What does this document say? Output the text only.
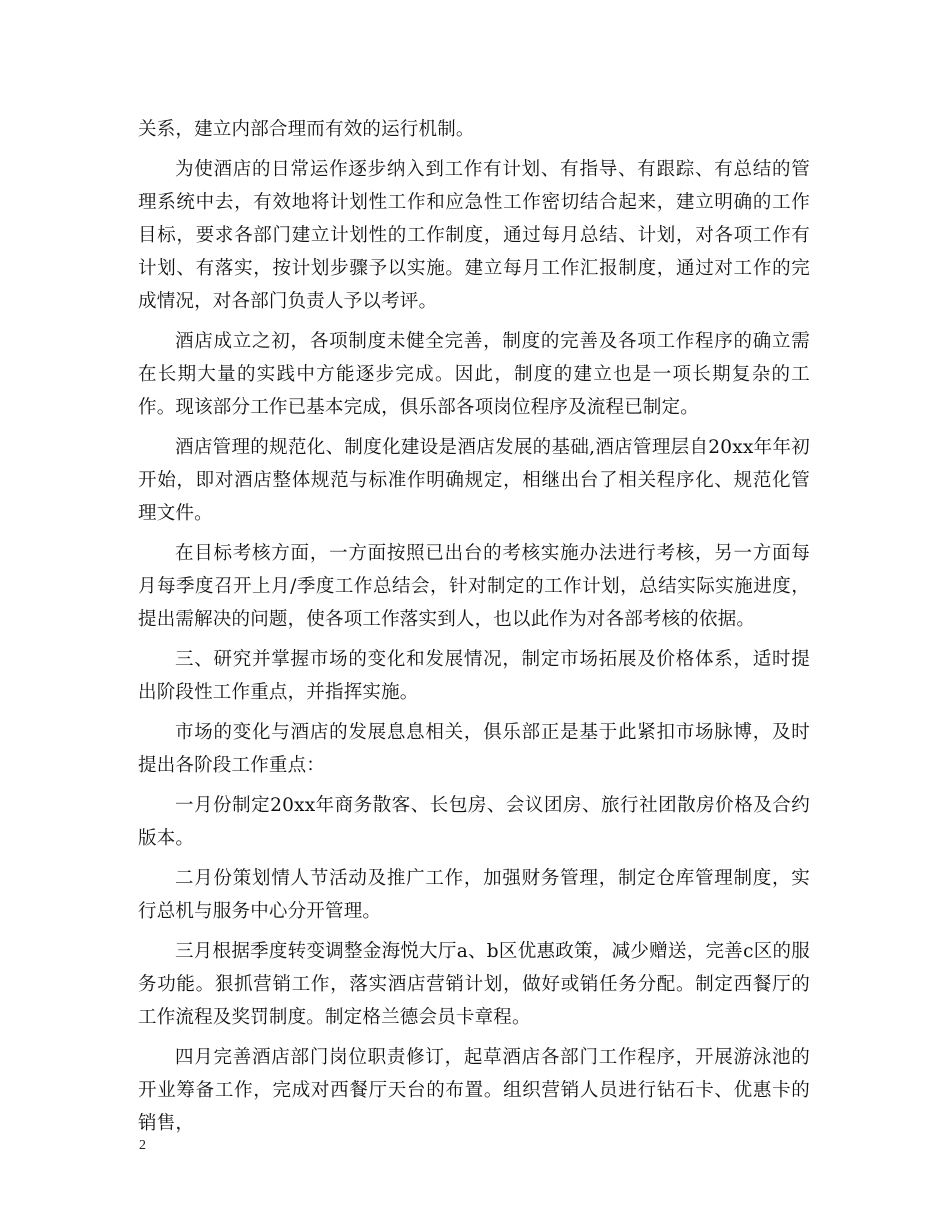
关系，建立内部合理而有效的运行机制。

为使酒店的日常运作逐步纳入到工作有计划、有指导、有跟踪、有总结的管理系统中去，有效地将计划性工作和应急性工作密切结合起来，建立明确的工作目标，要求各部门建立计划性的工作制度，通过每月总结、计划，对各项工作有计划、有落实，按计划步骤予以实施。建立每月工作汇报制度，通过对工作的完成情况，对各部门负责人予以考评。

酒店成立之初，各项制度未健全完善，制度的完善及各项工作程序的确立需在长期大量的实践中方能逐步完成。因此，制度的建立也是一项长期复杂的工作。现该部分工作已基本完成，俱乐部各项岗位程序及流程已制定。

酒店管理的规范化、制度化建设是酒店发展的基础,酒店管理层自20xx年年初开始，即对酒店整体规范与标准作明确规定，相继出台了相关程序化、规范化管理文件。

在目标考核方面，一方面按照已出台的考核实施办法进行考核，另一方面每月每季度召开上月/季度工作总结会，针对制定的工作计划，总结实际实施进度，提出需解决的问题，使各项工作落实到人，也以此作为对各部考核的依据。

三、研究并掌握市场的变化和发展情况，制定市场拓展及价格体系，适时提出阶段性工作重点，并指挥实施。

市场的变化与酒店的发展息息相关，俱乐部正是基于此紧扣市场脉博，及时提出各阶段工作重点：

一月份制定20xx年商务散客、长包房、会议团房、旅行社团散房价格及合约版本。

二月份策划情人节活动及推广工作，加强财务管理，制定仓库管理制度，实行总机与服务中心分开管理。

三月根据季度转变调整金海悦大厅a、b区优惠政策，减少赠送，完善c区的服务功能。狠抓营销工作，落实酒店营销计划，做好或销任务分配。制定西餐厅的工作流程及奖罚制度。制定格兰德会员卡章程。

四月完善酒店部门岗位职责修订，起草酒店各部门工作程序，开展游泳池的开业筹备工作，完成对西餐厅天台的布置。组织营销人员进行钻石卡、优惠卡的销售，

2
